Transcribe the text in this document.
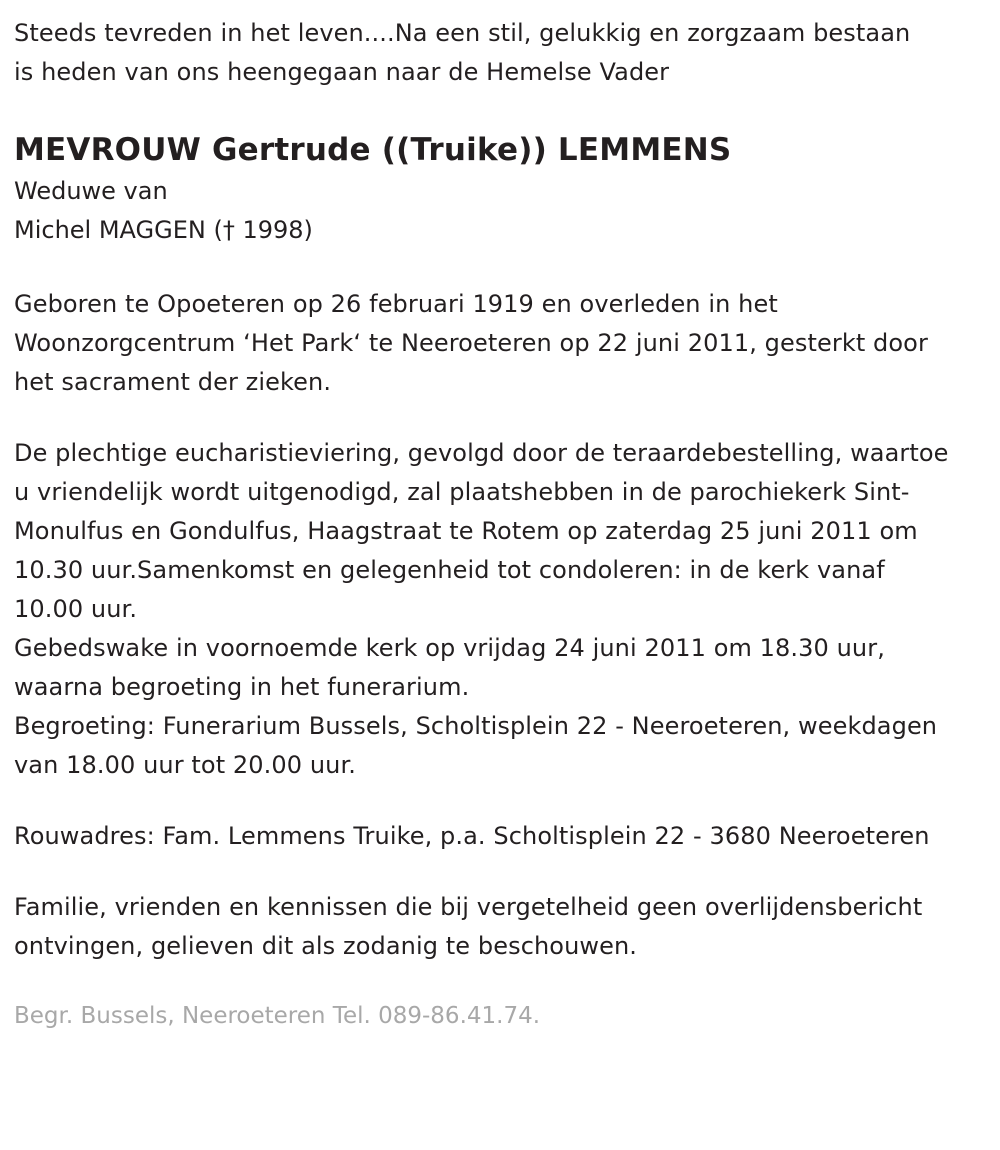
Steeds tevreden in het leven....Na een stil, gelukkig en zorgzaam bestaan

is heden van ons heengegaan naar de Hemelse Vader

MEVROUW Gertrude ((Truike)) LEMMENS

Weduwe van

Michel MAGGEN († 1998)

Geboren te Opoeteren op 26 februari 1919 en overleden in het Woonzorgcentrum ‘Het Park‘ te Neeroeteren op 22 juni 2011, gesterkt door het sacrament der zieken.

De plechtige eucharistieviering, gevolgd door de teraardebestelling, waartoe u vriendelijk wordt uitgenodigd, zal plaatshebben in de parochiekerk Sint-Monulfus en Gondulfus, Haagstraat te Rotem op zaterdag 25 juni 2011 om 10.30 uur.Samenkomst en gelegenheid tot condoleren: in de kerk vanaf 10.00 uur.

Gebedswake in voornoemde kerk op vrijdag 24 juni 2011 om 18.30 uur, waarna begroeting in het funerarium.

Begroeting: Funerarium Bussels, Scholtisplein 22 - Neeroeteren, weekdagen van 18.00 uur tot 20.00 uur.

Rouwadres: Fam. Lemmens Truike, p.a. Scholtisplein 22 - 3680 Neeroeteren

Familie, vrienden en kennissen die bij vergetelheid geen overlijdensbericht ontvingen, gelieven dit als zodanig te beschouwen.

Begr. Bussels, Neeroeteren Tel. 089-86.41.74.
